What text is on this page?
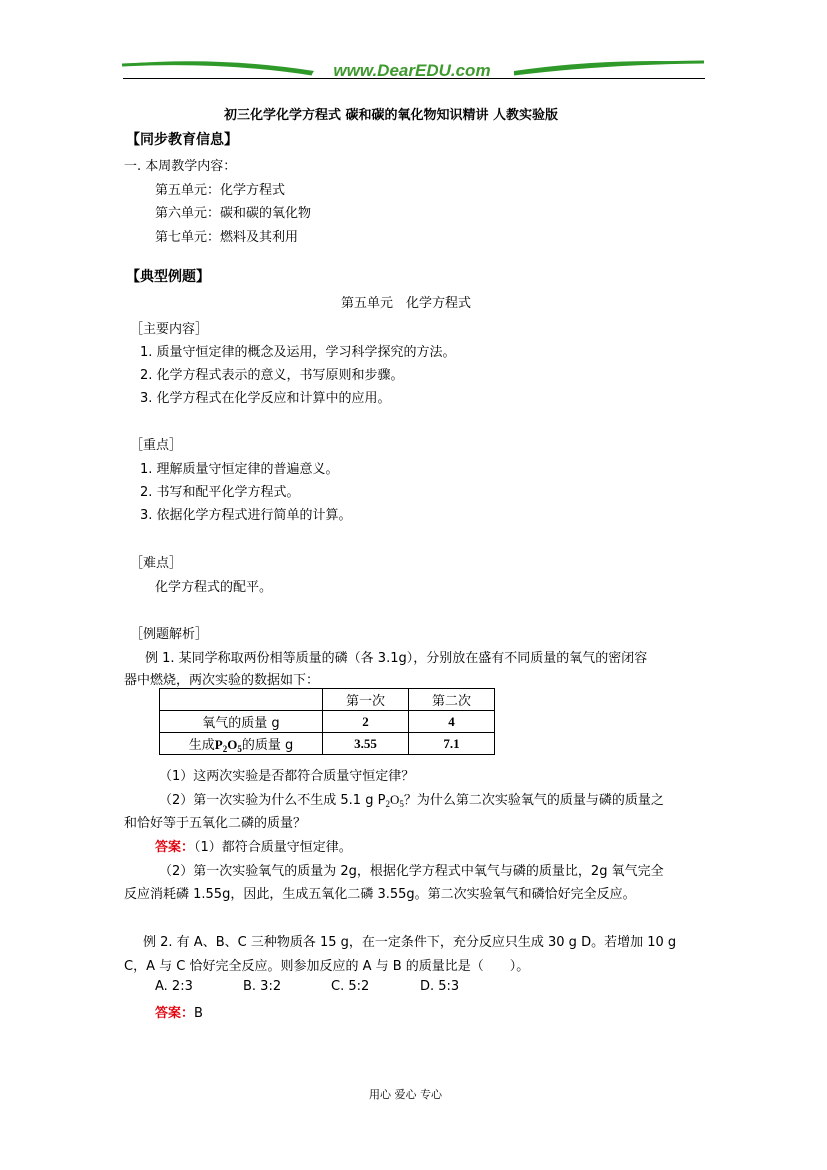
www.DearEDU.com
初三化学化学方程式 碳和碳的氧化物知识精讲 人教实验版
【同步教育信息】
一. 本周教学内容：
第五单元：化学方程式
第六单元：碳和碳的氧化物
第七单元：燃料及其利用
【典型例题】
第五单元　化学方程式
［主要内容］
1. 质量守恒定律的概念及运用，学习科学探究的方法。
2. 化学方程式表示的意义，书写原则和步骤。
3. 化学方程式在化学反应和计算中的应用。
［重点］
1. 理解质量守恒定律的普遍意义。
2. 书写和配平化学方程式。
3. 依据化学方程式进行简单的计算。
［难点］
化学方程式的配平。
［例题解析］
例 1. 某同学称取两份相等质量的磷（各 3.1g），分别放在盛有不同质量的氧气的密闭容
器中燃烧，两次实验的数据如下：
	第一次	第二次
氧气的质量 g	2	4
生成$P_2O_5$的质量 g	3.55	7.1
（1）这两次实验是否都符合质量守恒定律？
（2）第一次实验为什么不生成 5.1 g $P_2O_5$？为什么第二次实验氧气的质量与磷的质量之
和恰好等于五氧化二磷的质量？
答案：（1）都符合质量守恒定律。
（2）第一次实验氧气的质量为 2g，根据化学方程式中氧气与磷的质量比，2g 氧气完全
反应消耗磷 1.55g，因此，生成五氧化二磷 3.55g。第二次实验氧气和磷恰好完全反应。
例 2. 有 A、B、C 三种物质各 15 g，在一定条件下，充分反应只生成 30 g D。若增加 10 g
C，A 与 C 恰好完全反应。则参加反应的 A 与 B 的质量比是（　　）。
A. 2:3	B. 3:2	C. 5:2	D. 5:3
答案：B
用心 爱心 专心
